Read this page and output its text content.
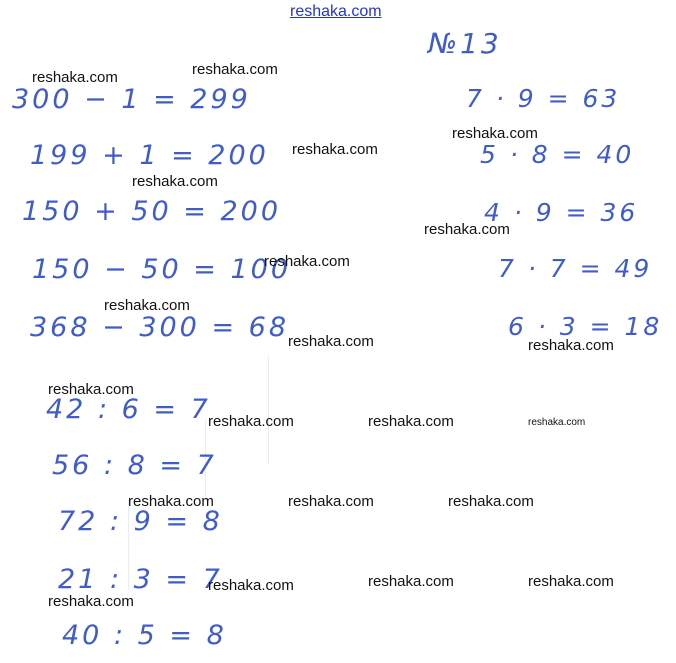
reshaka.com
№13
300 − 1 = 299
199 + 1 = 200
150 + 50 = 200
150 − 50 = 100
368 − 300 = 68
42 : 6 = 7
56 : 8 = 7
72 : 9 = 8
21 : 3 = 7
40 : 5 = 8
7 · 9 = 63
5 · 8 = 40
4 · 9 = 36
7 · 7 = 49
6 · 3 = 18
reshaka.com	reshaka.com
reshaka.com
reshaka.com
reshaka.com
reshaka.com
reshaka.com
reshaka.com
reshaka.com	reshaka.com
reshaka.com
reshaka.com	reshaka.com	reshaka.com
reshaka.com	reshaka.com	reshaka.com
reshaka.com	reshaka.com	reshaka.com
reshaka.com
